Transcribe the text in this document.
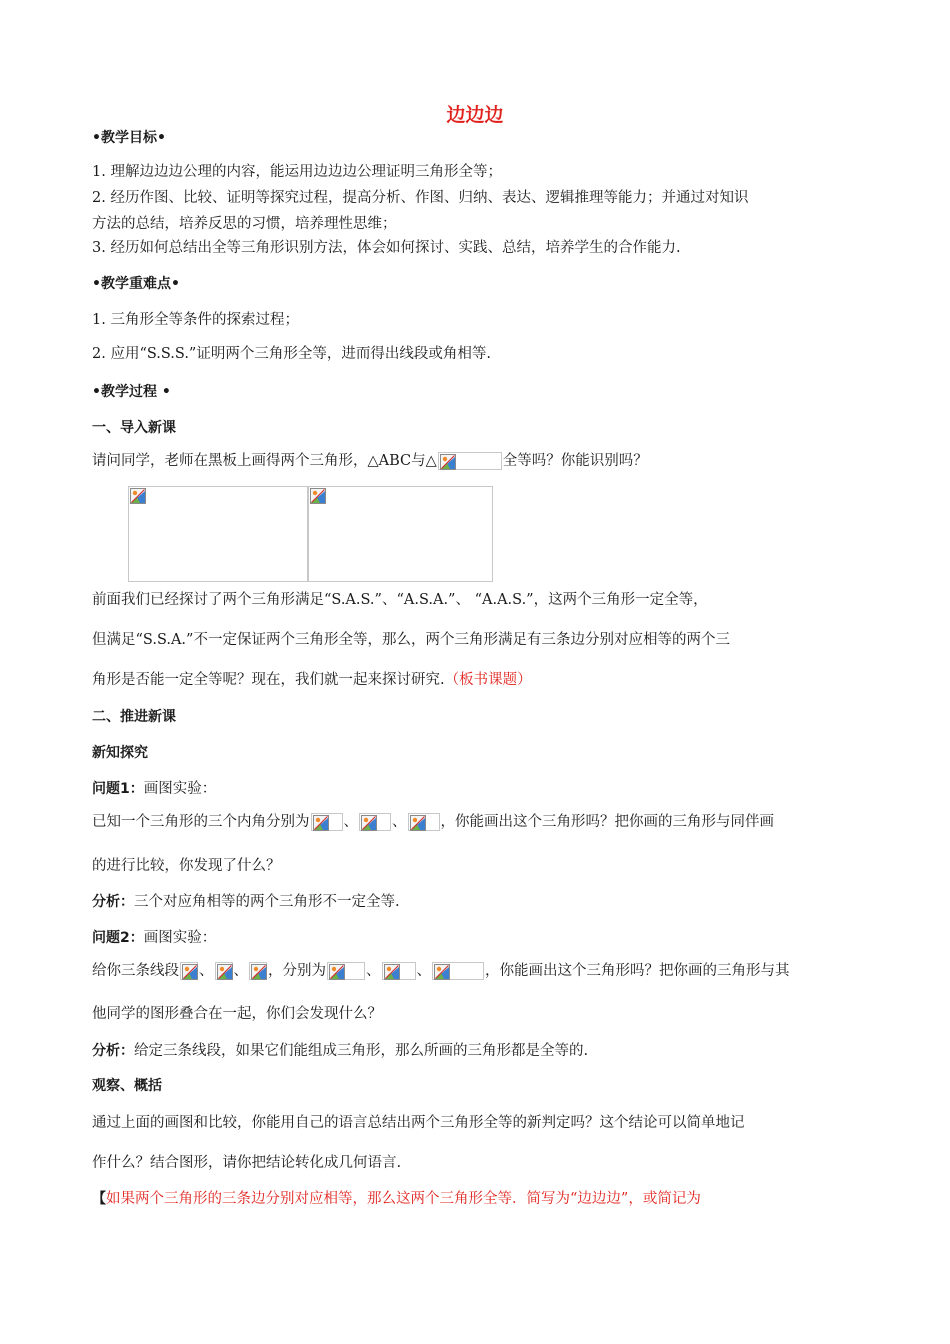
边边边
•教学目标•
1. 理解边边边公理的内容，能运用边边边公理证明三角形全等；
2. 经历作图、比较、证明等探究过程，提高分析、作图、归纳、表达、逻辑推理等能力；并通过对知识
方法的总结，培养反思的习惯，培养理性思维；
3. 经历如何总结出全等三角形识别方法，体会如何探讨、实践、总结，培养学生的合作能力.
•教学重难点•
1. 三角形全等条件的探索过程；
2. 应用“S.S.S.”证明两个三角形全等，进而得出线段或角相等.
•教学过程 •
一、导入新课
请问同学，老师在黑板上画得两个三角形，△ABC与△	全等吗？你能识别吗？
前面我们已经探讨了两个三角形满足“S.A.S.”、“A.S.A.”、 “A.A.S.”，这两个三角形一定全等，
但满足“S.S.A.”不一定保证两个三角形全等，那么，两个三角形满足有三条边分别对应相等的两个三
角形是否能一定全等呢？现在，我们就一起来探讨研究.（板书课题）
二、推进新课
新知探究
问题1：画图实验：
已知一个三角形的三个内角分别为 、 、 ，你能画出这个三角形吗？把你画的三角形与同伴画
的进行比较，你发现了什么？
分析：三个对应角相等的两个三角形不一定全等.
问题2：画图实验：
给你三条线段 、 、 ，分别为	、 、	，你能画出这个三角形吗？把你画的三角形与其
他同学的图形叠合在一起，你们会发现什么？
分析：给定三条线段，如果它们能组成三角形，那么所画的三角形都是全等的.
观察、概括
通过上面的画图和比较，你能用自己的语言总结出两个三角形全等的新判定吗？这个结论可以简单地记
作什么？结合图形，请你把结论转化成几何语言.
【如果两个三角形的三条边分别对应相等，那么这两个三角形全等．简写为“边边边”，或简记为
